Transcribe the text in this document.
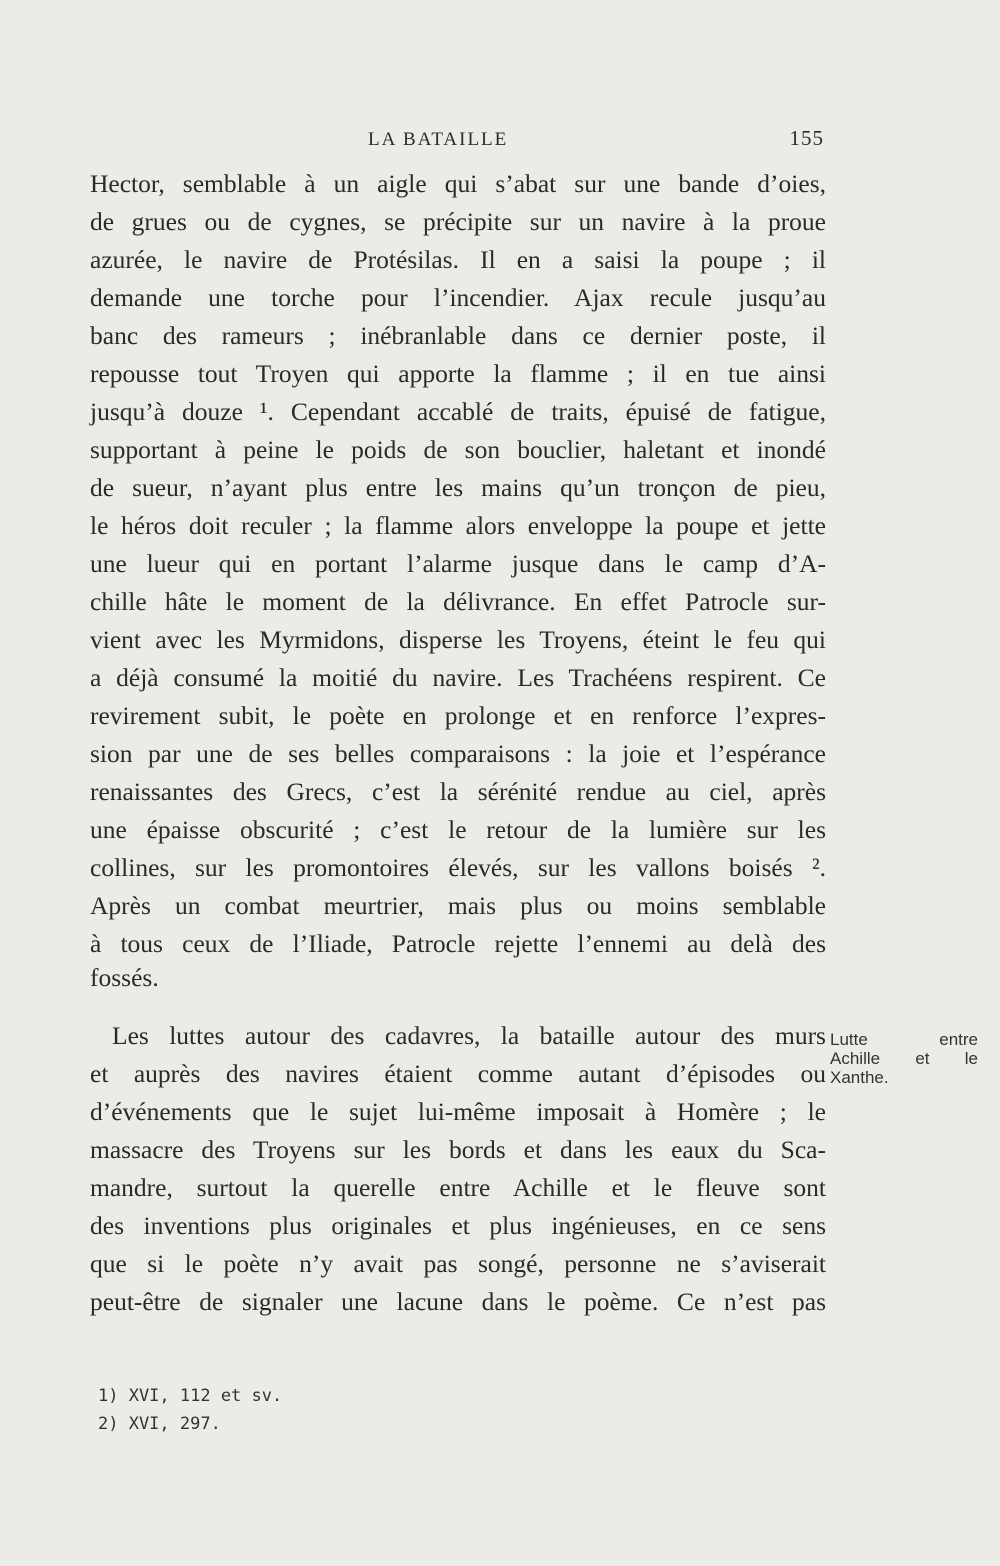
LA BATAILLE	155
Hector, semblable à un aigle qui s’abat sur une bande d’oies,
de grues ou de cygnes, se précipite sur un navire à la proue
azurée, le navire de Protésilas. Il en a saisi la poupe ; il
demande une torche pour l’incendier. Ajax recule jusqu’au
banc des rameurs ; inébranlable dans ce dernier poste, il
repousse tout Troyen qui apporte la flamme ; il en tue ainsi
jusqu’à douze ¹. Cependant accablé de traits, épuisé de fatigue,
supportant à peine le poids de son bouclier, haletant et inondé
de sueur, n’ayant plus entre les mains qu’un tronçon de pieu,
le héros doit reculer ; la flamme alors enveloppe la poupe et jette
une lueur qui en portant l’alarme jusque dans le camp d’A-
chille hâte le moment de la délivrance. En effet Patrocle sur-
vient avec les Myrmidons, disperse les Troyens, éteint le feu qui
a déjà consumé la moitié du navire. Les Trachéens respirent. Ce
revirement subit, le poète en prolonge et en renforce l’expres-
sion par une de ses belles comparaisons : la joie et l’espérance
renaissantes des Grecs, c’est la sérénité rendue au ciel, après
une épaisse obscurité ; c’est le retour de la lumière sur les
collines, sur les promontoires élevés, sur les vallons boisés ².
Après un combat meurtrier, mais plus ou moins semblable
à tous ceux de l’Iliade, Patrocle rejette l’ennemi au delà des
fossés.
Les luttes autour des cadavres, la bataille autour des murs
et auprès des navires étaient comme autant d’épisodes ou
d’événements que le sujet lui-même imposait à Homère ; le
massacre des Troyens sur les bords et dans les eaux du Sca-
mandre, surtout la querelle entre Achille et le fleuve sont
des inventions plus originales et plus ingénieuses, en ce sens
que si le poète n’y avait pas songé, personne ne s’aviserait
peut-être de signaler une lacune dans le poème. Ce n’est pas
Lutte entre
Achille et le
Xanthe.
1) XVI, 112 et sv.
2) XVI, 297.
